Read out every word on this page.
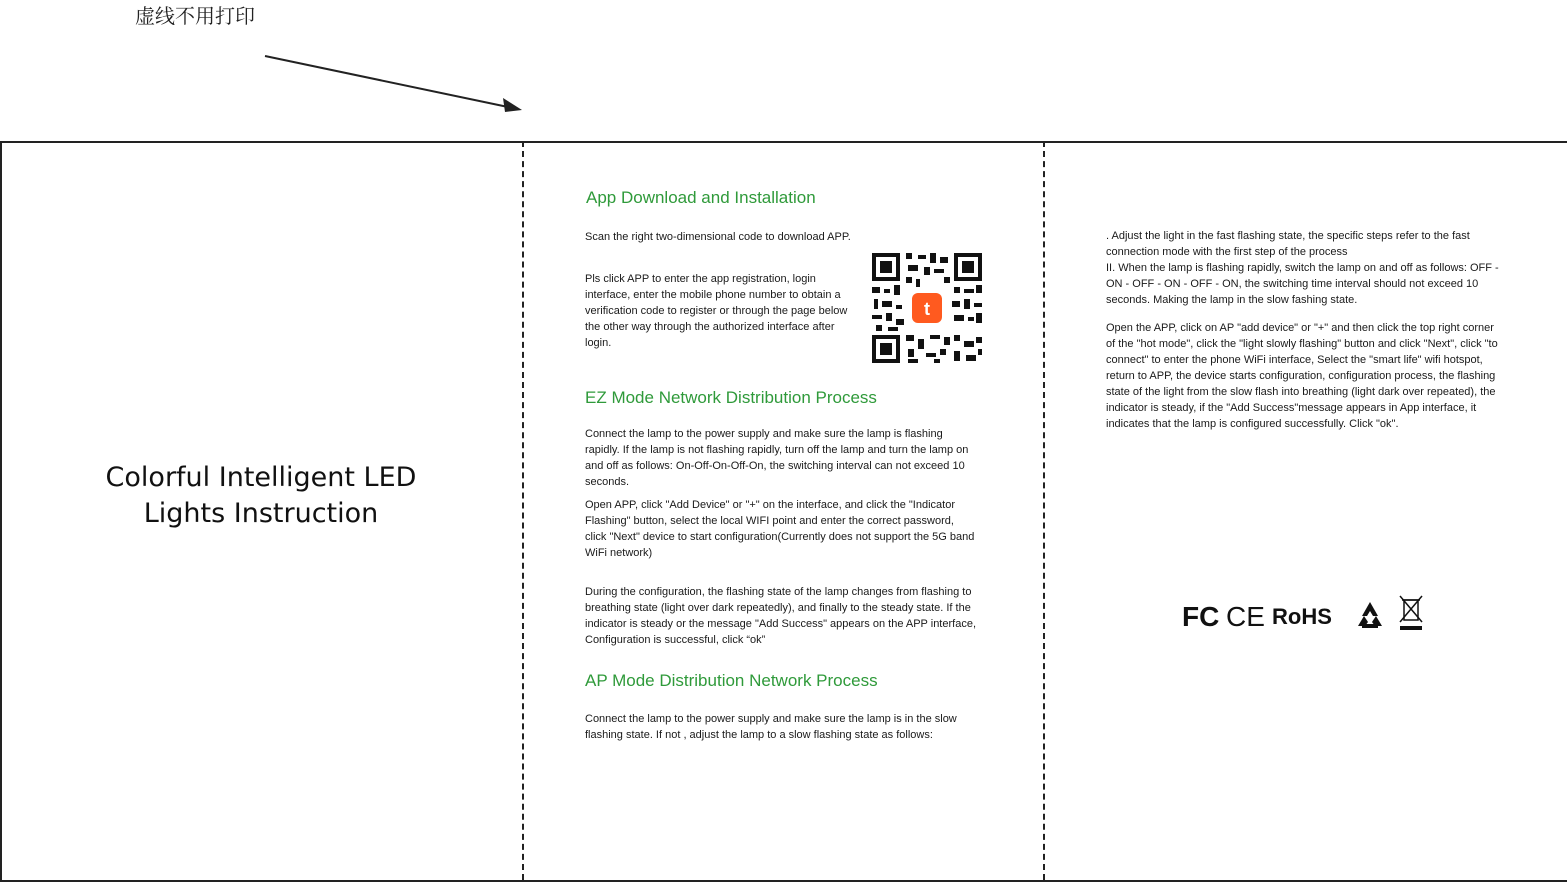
虚线不用打印
Colorful Intelligent LED
Lights Instruction
App Download and Installation

Scan the right two-dimensional code to download APP.

Pls click APP to enter the app registration, login interface, enter the mobile phone number to obtain a verification code to register or through the page below the other way through the authorized interface after login.

t
EZ Mode Network Distribution Process

Connect the lamp to the power supply and make sure the lamp is flashing rapidly. If the lamp is not flashing rapidly, turn off the lamp and turn the lamp on and off as follows: On-Off-On-Off-On, the switching interval can not exceed 10 seconds.

Open APP, click "Add Device" or "+" on the interface, and click the "Indicator Flashing" button, select the local WIFI point and enter the correct password, click "Next" device to start configuration(Currently does not support the 5G band WiFi network)

During the configuration, the flashing state of the lamp changes from flashing to breathing state (light over dark repeatedly), and finally to the steady state. If the indicator is steady or the message "Add Success" appears on the APP interface, Configuration is successful, click “ok”

AP Mode Distribution Network Process

Connect the lamp to the power supply and make sure the lamp is in the slow flashing state. If not , adjust the lamp to a slow flashing state as follows:

. Adjust the light in the fast flashing state, the specific steps refer to the fast connection mode with the first step of the process

II. When the lamp is flashing rapidly, switch the lamp on and off as follows: OFF - ON - OFF - ON - OFF - ON, the switching time interval should not exceed 10 seconds. Making the lamp in the slow fashing state.

Open the APP, click on AP "add device" or "+" and then click the top right corner of the "hot mode", click the "light slowly flashing" button and click "Next", click "to connect" to enter the phone WiFi interface, Select the "smart life" wifi hotspot, return to APP, the device starts configuration, configuration process, the flashing state of the light from the slow flash into breathing (light dark over repeated), the indicator is steady, if the "Add Success"message appears in App interface, it indicates that the lamp is configured successfully. Click "ok".

FC CE RoHS
